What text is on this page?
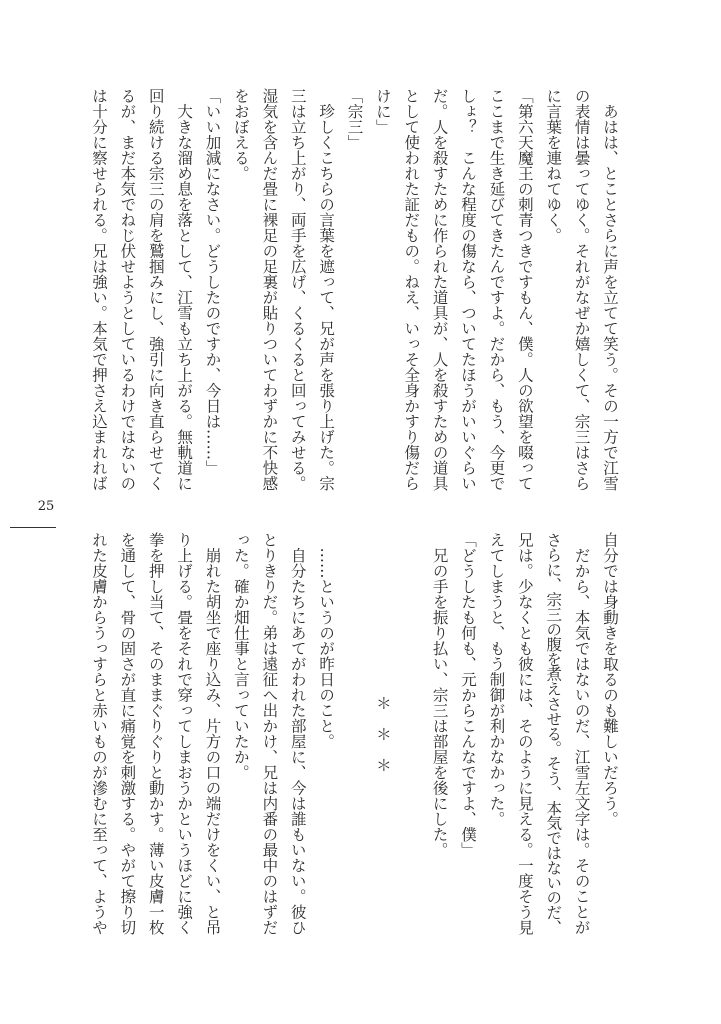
　あはは、とことさらに声を立てて笑う。その一方で江雪
の表情は曇ってゆく。それがなぜか嬉しくて、宗三はさら
に言葉を連ねてゆく。
「第六天魔王の刺青つきですもん、僕。人の欲望を啜って
ここまで生き延びてきたんですよ。だから、もう、今更で
しょ？　こんな程度の傷なら、ついてたほうがいいぐらい
だ。人を殺すために作られた道具が、人を殺すための道具
として使われた証だもの。ねえ、いっそ全身かすり傷だら
けに」
「宗三」
　珍しくこちらの言葉を遮って、兄が声を張り上げた。宗
三は立ち上がり、両手を広げ、くるくると回ってみせる。
湿気を含んだ畳に裸足の足裏が貼りついてわずかに不快感
をおぼえる。
「いい加減になさい。どうしたのですか、今日は……」
　大きな溜め息を落として、江雪も立ち上がる。無軌道に
回り続ける宗三の肩を鷲掴みにし、強引に向き直らせてく
るが、まだ本気でねじ伏せようとしているわけではないの
は十分に察せられる。兄は強い。本気で押さえ込まれれば
25
自分では身動きを取るのも難しいだろう。
　だから、本気ではないのだ、江雪左文字は。そのことが
さらに、宗三の腹を煮えさせる。そう、本気ではないのだ、
兄は。少なくとも彼には、そのように見える。一度そう見
えてしまうと、もう制御が利かなかった。
「どうしたも何も、元からこんなですよ、僕」
　兄の手を振り払い、宗三は部屋を後にした。
＊　＊　＊
　……というのが昨日のこと。
　自分たちにあてがわれた部屋に、今は誰もいない。彼ひ
とりきりだ。弟は遠征へ出かけ、兄は内番の最中のはずだ
った。確か畑仕事と言っていたか。
　崩れた胡坐で座り込み、片方の口の端だけをくい、と吊
り上げる。畳をそれで穿ってしまおうかというほどに強く
拳を押し当て、そのままぐりぐりと動かす。薄い皮膚一枚
を通して、骨の固さが直に痛覚を刺激する。やがて擦り切
れた皮膚からうっすらと赤いものが滲むに至って、ようや
